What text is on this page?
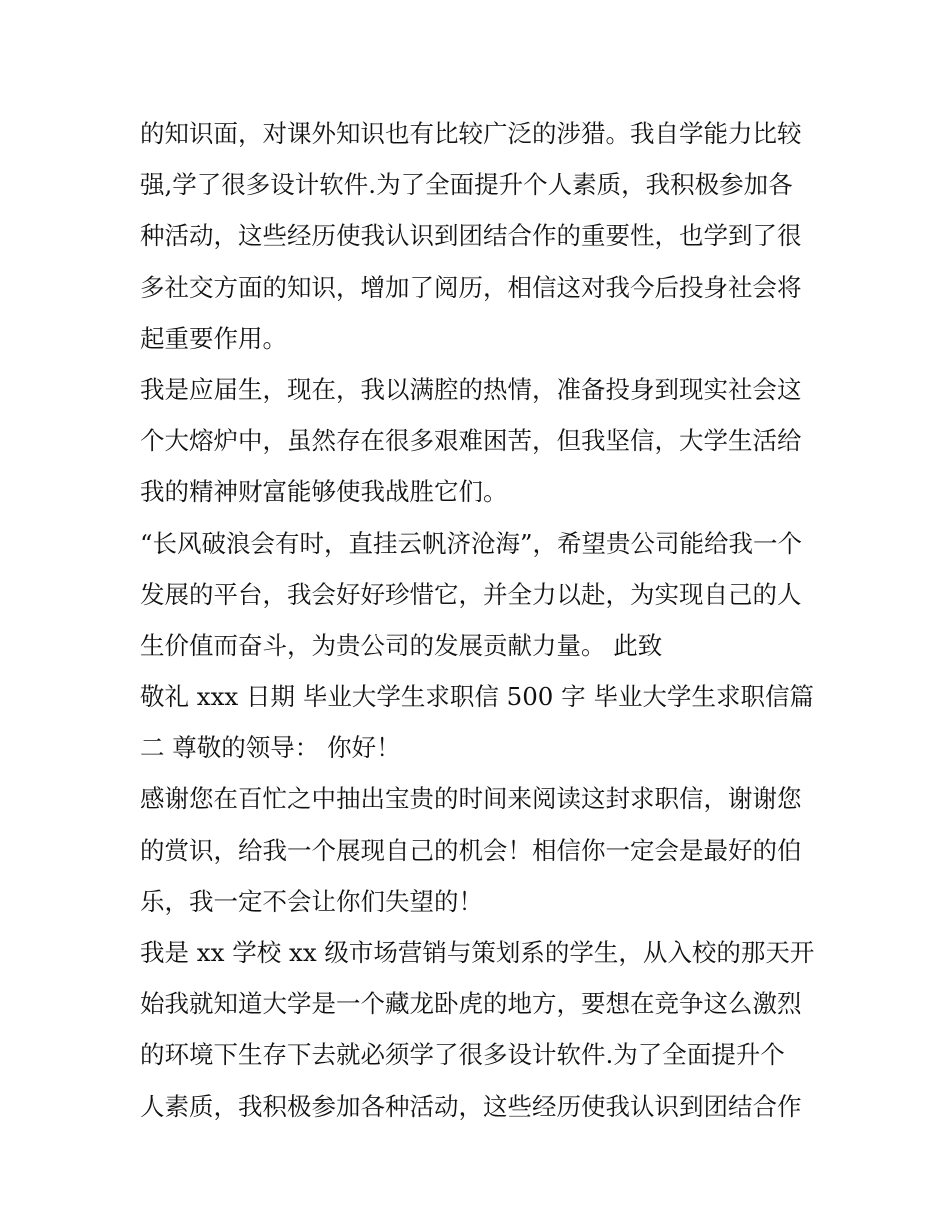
的知识面，对课外知识也有比较广泛的涉猎。我自学能力比较
强,学了很多设计软件.为了全面提升个人素质，我积极参加各
种活动，这些经历使我认识到团结合作的重要性，也学到了很
多社交方面的知识，增加了阅历，相信这对我今后投身社会将
起重要作用。
我是应届生，现在，我以满腔的热情，准备投身到现实社会这
个大熔炉中，虽然存在很多艰难困苦，但我坚信，大学生活给
我的精神财富能够使我战胜它们。
“长风破浪会有时，直挂云帆济沧海”，希望贵公司能给我一个
发展的平台，我会好好珍惜它，并全力以赴，为实现自己的人
生价值而奋斗，为贵公司的发展贡献力量。 此致
敬礼 xxx 日期 毕业大学生求职信 500 字 毕业大学生求职信篇
二 尊敬的领导： 你好！
感谢您在百忙之中抽出宝贵的时间来阅读这封求职信，谢谢您
的赏识，给我一个展现自己的机会！相信你一定会是最好的伯
乐，我一定不会让你们失望的！
我是 xx 学校 xx 级市场营销与策划系的学生，从入校的那天开
始我就知道大学是一个藏龙卧虎的地方，要想在竞争这么激烈
的环境下生存下去就必须学了很多设计软件.为了全面提升个
人素质，我积极参加各种活动，这些经历使我认识到团结合作
